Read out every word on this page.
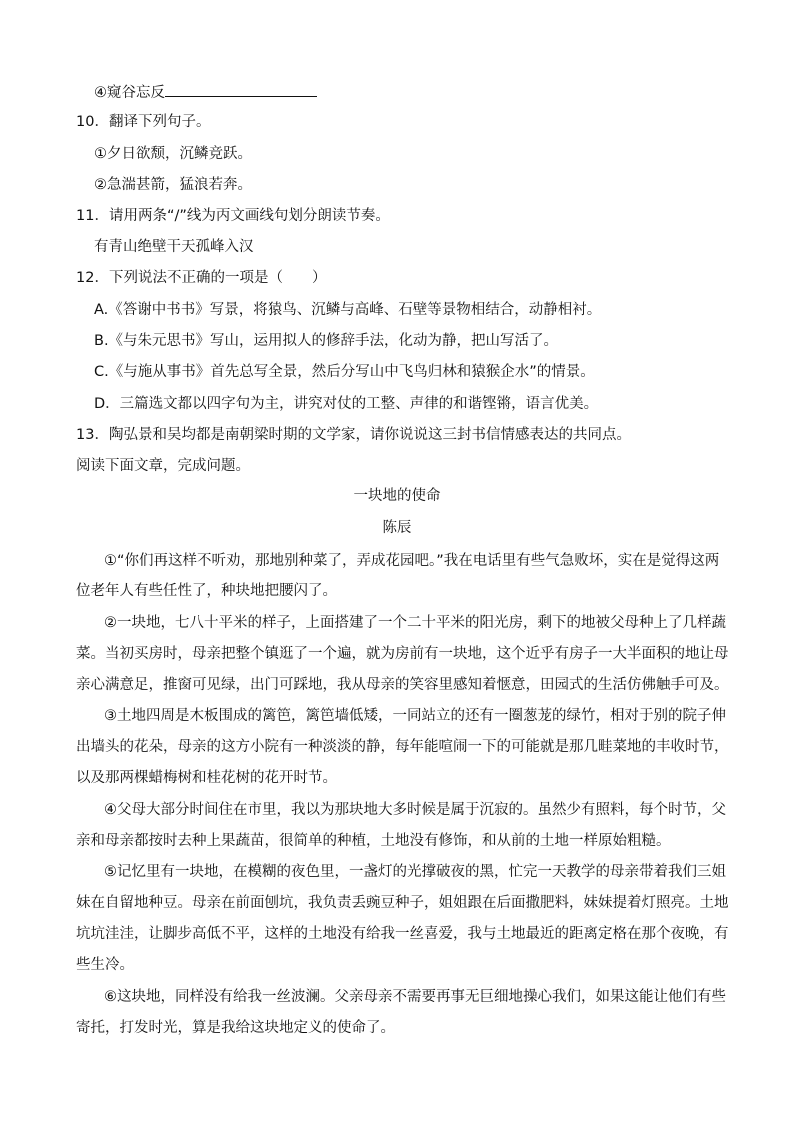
④窥谷忘反
10．翻译下列句子。
①夕日欲颓，沉鳞竞跃。
②急湍甚箭，猛浪若奔。
11．请用两条“/”线为丙文画线句划分朗读节奏。
有青山绝壁干天孤峰入汉
12．下列说法不正确的一项是（　　）
A.《答谢中书书》写景，将猿鸟、沉鳞与高峰、石壁等景物相结合，动静相衬。
B.《与朱元思书》写山，运用拟人的修辞手法，化动为静，把山写活了。
C.《与施从事书》首先总写全景，然后分写山中飞鸟归林和猿猴企水”的情景。
D．三篇选文都以四字句为主，讲究对仗的工整、声律的和谐铿锵，语言优美。
13．陶弘景和吴均都是南朝梁时期的文学家，请你说说这三封书信情感表达的共同点。
阅读下面文章，完成问题。
一块地的使命
陈辰
①“你们再这样不听劝，那地别种菜了，弄成花园吧。”我在电话里有些气急败坏，实在是觉得这两
位老年人有些任性了，种块地把腰闪了。
②一块地，七八十平米的样子，上面搭建了一个二十平米的阳光房，剩下的地被父母种上了几样蔬
菜。当初买房时，母亲把整个镇逛了一个遍，就为房前有一块地，这个近乎有房子一大半面积的地让母
亲心满意足，推窗可见绿，出门可踩地，我从母亲的笑容里感知着惬意，田园式的生活仿佛触手可及。
③土地四周是木板围成的篱笆，篱笆墙低矮，一同站立的还有一圈葱茏的绿竹，相对于别的院子伸
出墙头的花朵，母亲的这方小院有一种淡淡的静，每年能喧闹一下的可能就是那几畦菜地的丰收时节，
以及那两棵蜡梅树和桂花树的花开时节。
④父母大部分时间住在市里，我以为那块地大多时候是属于沉寂的。虽然少有照料，每个时节，父
亲和母亲都按时去种上果蔬苗，很简单的种植，土地没有修饰，和从前的土地一样原始粗糙。
⑤记忆里有一块地，在模糊的夜色里，一盏灯的光撑破夜的黑，忙完一天教学的母亲带着我们三姐
妹在自留地种豆。母亲在前面刨坑，我负责丢豌豆种子，姐姐跟在后面撒肥料，妹妹提着灯照亮。土地
坑坑洼洼，让脚步高低不平，这样的土地没有给我一丝喜爱，我与土地最近的距离定格在那个夜晚，有
些生冷。
⑥这块地，同样没有给我一丝波澜。父亲母亲不需要再事无巨细地操心我们，如果这能让他们有些
寄托，打发时光，算是我给这块地定义的使命了。
